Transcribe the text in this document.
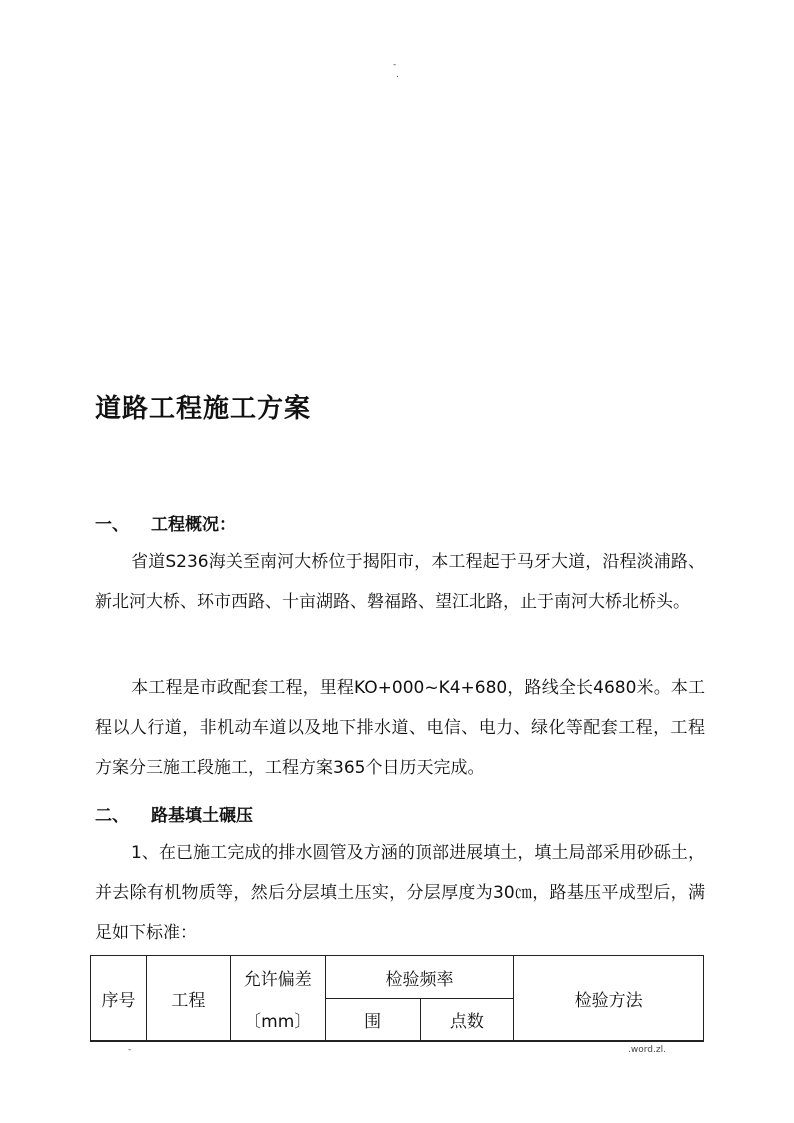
-
.
道路工程施工方案
一、 工程概况：

省道S236海关至南河大桥位于揭阳市，本工程起于马牙大道，沿程淡浦路、新北河大桥、环市西路、十亩湖路、磐福路、望江北路，止于南河大桥北桥头。

本工程是市政配套工程，里程KO+000~K4+680，路线全长4680米。本工程以人行道，非机动车道以及地下排水道、电信、电力、绿化等配套工程，工程方案分三施工段施工，工程方案365个日历天完成。

二、 路基填土碾压

1、在已施工完成的排水圆管及方涵的顶部进展填土，填土局部采用砂砾土，并去除有机物质等，然后分层填土压实，分层厚度为30㎝，路基压平成型后，满足如下标准：

序号	工程	允许偏差	检验频率		检验方法
		〔mm〕	围	点数	
-	.word.zl.
